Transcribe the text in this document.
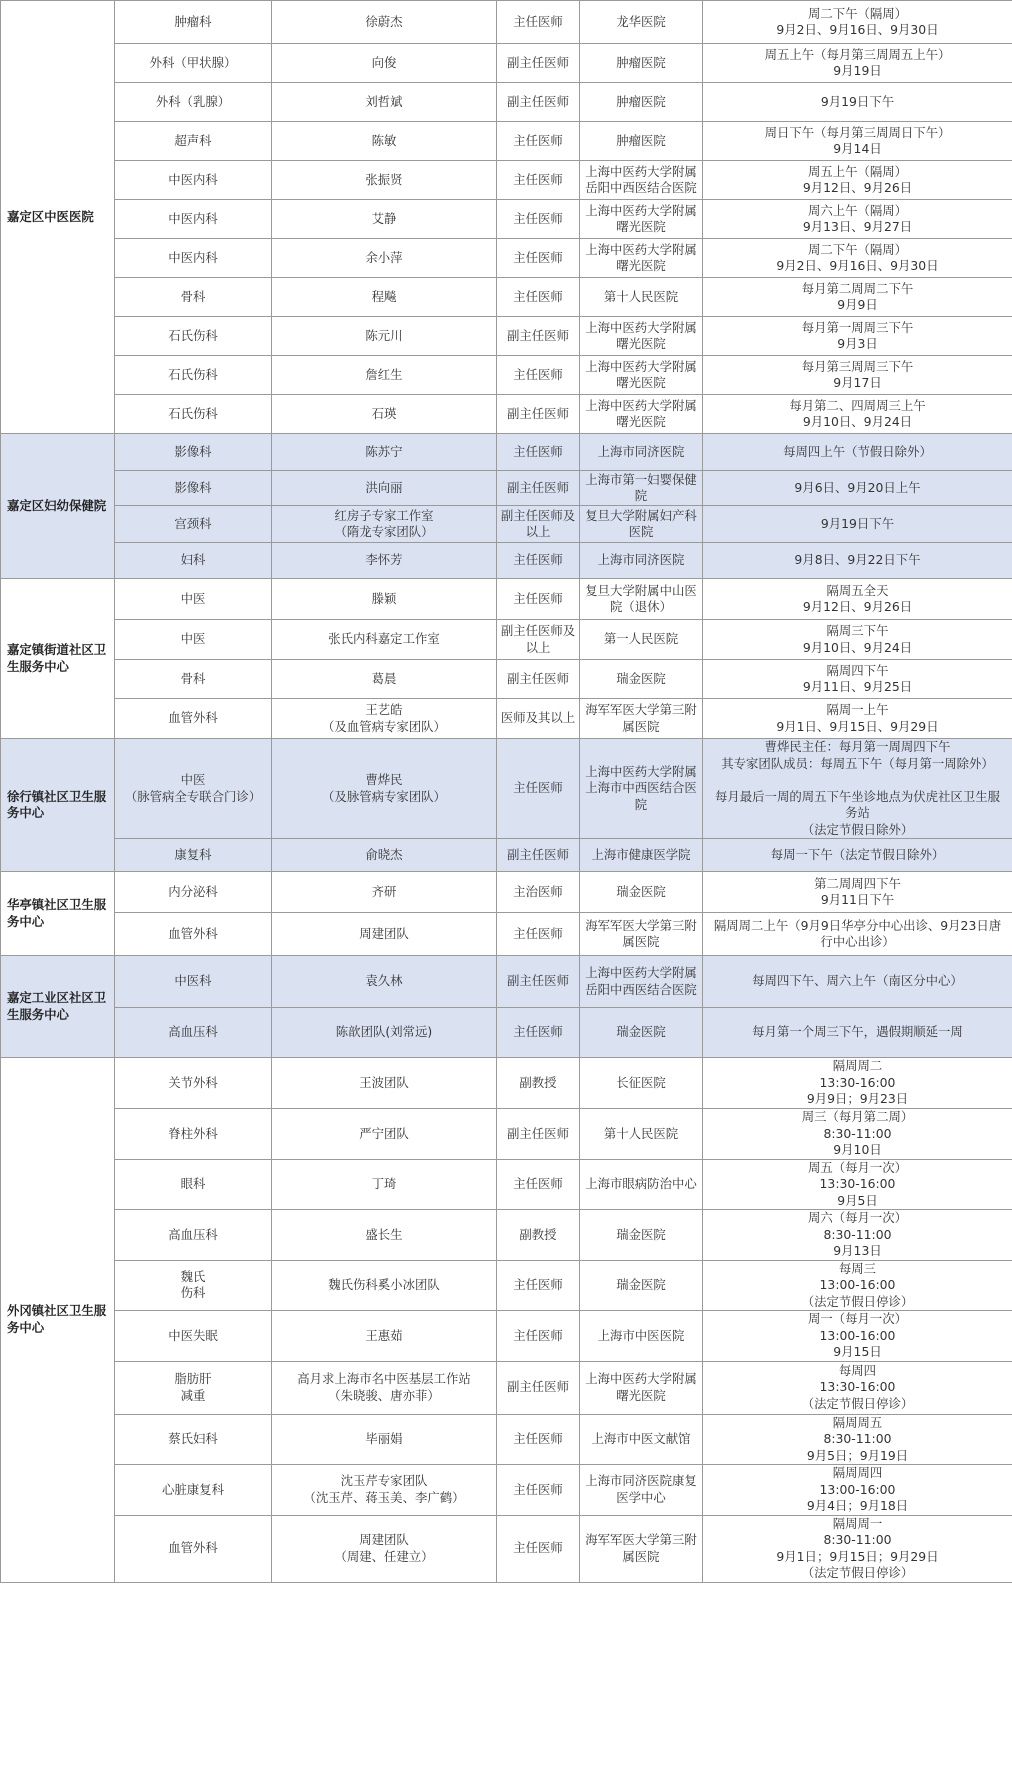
嘉定区中医医院	肿瘤科	徐蔚杰	主任医师	龙华医院	周二下午（隔周）
9月2日、9月16日、9月30日
	外科（甲状腺）	向俊	副主任医师	肿瘤医院	周五上午（每月第三周周五上午）
9月19日
	外科（乳腺）	刘哲斌	副主任医师	肿瘤医院	9月19日下午
	超声科	陈敏	主任医师	肿瘤医院	周日下午（每月第三周周日下午）
9月14日
	中医内科	张振贤	主任医师	上海中医药大学附属
岳阳中西医结合医院	周五上午（隔周）
9月12日、9月26日
	中医内科	艾静	主任医师	上海中医药大学附属
曙光医院	周六上午（隔周）
9月13日、9月27日
	中医内科	余小萍	主任医师	上海中医药大学附属
曙光医院	周二下午（隔周）
9月2日、9月16日、9月30日
	骨科	程飚	主任医师	第十人民医院	每月第二周周二下午
9月9日
	石氏伤科	陈元川	副主任医师	上海中医药大学附属
曙光医院	每月第一周周三下午
9月3日
	石氏伤科	詹红生	主任医师	上海中医药大学附属
曙光医院	每月第三周周三下午
9月17日
	石氏伤科	石瑛	副主任医师	上海中医药大学附属
曙光医院	每月第二、四周周三上午
9月10日、9月24日
嘉定区妇幼保健院	影像科	陈苏宁	主任医师	上海市同济医院	每周四上午（节假日除外）
	影像科	洪向丽	副主任医师	上海市第一妇婴保健
院	9月6日、9月20日上午
	宫颈科	红房子专家工作室
（隋龙专家团队）	副主任医师及
以上	复旦大学附属妇产科
医院	9月19日下午
	妇科	李怀芳	主任医师	上海市同济医院	9月8日、9月22日下午
嘉定镇街道社区卫
生服务中心	中医	滕颖	主任医师	复旦大学附属中山医
院（退休）	隔周五全天
9月12日、9月26日
	中医	张氏内科嘉定工作室	副主任医师及
以上	第一人民医院	隔周三下午
9月10日、9月24日
	骨科	葛晨	副主任医师	瑞金医院	隔周四下午
9月11日、9月25日
	血管外科	王艺皓
（及血管病专家团队）	医师及其以上	海军军医大学第三附
属医院	隔周一上午
9月1日、9月15日、9月29日
徐行镇社区卫生服
务中心	中医
（脉管病全专联合门诊）	曹烨民
（及脉管病专家团队）	主任医师	上海中医药大学附属
上海市中西医结合医院	曹烨民主任：每月第一周周四下午
其专家团队成员：每周五下午（每月第一周除外）

每月最后一周的周五下午坐诊地点为伏虎社区卫生服
务站
（法定节假日除外）
	康复科	俞晓杰	副主任医师	上海市健康医学院	每周一下午（法定节假日除外）
华亭镇社区卫生服
务中心	内分泌科	齐研	主治医师	瑞金医院	第二周周四下午
9月11日下午
	血管外科	周建团队	主任医师	海军军医大学第三附
属医院	隔周周二上午（9月9日华亭分中心出诊、9月23日唐
行中心出诊）
嘉定工业区社区卫
生服务中心	中医科	袁久林	副主任医师	上海中医药大学附属
岳阳中西医结合医院	每周四下午、周六上午（南区分中心）
	高血压科	陈歆团队(刘常远)	主任医师	瑞金医院	每月第一个周三下午，遇假期顺延一周
外冈镇社区卫生服
务中心	关节外科	王波团队	副教授	长征医院	隔周周二
13:30-16:00
9月9日；9月23日
	脊柱外科	严宁团队	副主任医师	第十人民医院	周三（每月第二周）
8:30-11:00
9月10日
	眼科	丁琦	主任医师	上海市眼病防治中心	周五（每月一次）
13:30-16:00
9月5日
	高血压科	盛长生	副教授	瑞金医院	周六（每月一次）
8:30-11:00
9月13日
	魏氏
伤科	魏氏伤科奚小冰团队	主任医师	瑞金医院	每周三
13:00-16:00
（法定节假日停诊）
	中医失眠	王惠茹	主任医师	上海市中医医院	周一（每月一次）
13:00-16:00
9月15日
	脂肪肝
减重	高月求上海市名中医基层工作站
（朱晓骏、唐亦菲）	副主任医师	上海中医药大学附属
曙光医院	每周四
13:30-16:00
（法定节假日停诊）
	蔡氏妇科	毕丽娟	主任医师	上海市中医文献馆	隔周周五
8:30-11:00
9月5日；9月19日
	心脏康复科	沈玉芹专家团队
（沈玉芹、蒋玉美、李广鹤）	主任医师	上海市同济医院康复
医学中心	隔周周四
13:00-16:00
9月4日；9月18日
	血管外科	周建团队
（周建、任建立）	主任医师	海军军医大学第三附
属医院	隔周周一
8:30-11:00
9月1日；9月15日；9月29日
（法定节假日停诊）
